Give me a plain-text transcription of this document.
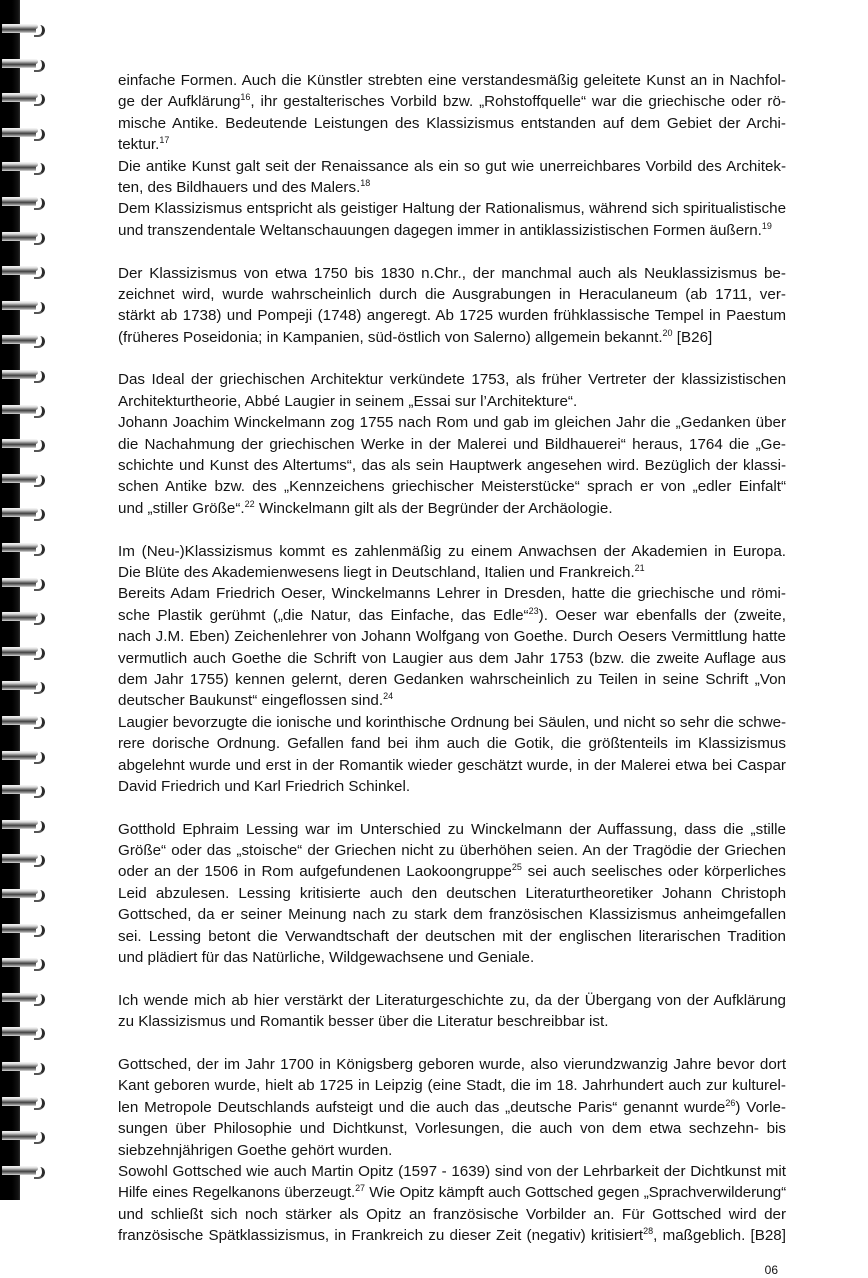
einfache Formen. Auch die Künstler strebten eine verstandesmäßig geleitete Kunst an in Nachfol-
ge der Aufklärung$^{16}$, ihr gestalterisches Vorbild bzw. „Rohstoffquelle“ war die griechische oder rö-
mische Antike. Bedeutende Leistungen des Klassizismus entstanden auf dem Gebiet der Archi-
tektur.$^{17}$
Die antike Kunst galt seit der Renaissance als ein so gut wie unerreichbares Vorbild des Architek-
ten, des Bildhauers und des Malers.$^{18}$
Dem Klassizismus entspricht als geistiger Haltung der Rationalismus, während sich spiritualistische
und transzendentale Weltanschauungen dagegen immer in antiklassizistischen Formen äußern.$^{19}$
Der Klassizismus von etwa 1750 bis 1830 n.Chr., der manchmal auch als Neuklassizismus be-
zeichnet wird, wurde wahrscheinlich durch die Ausgrabungen in Heraculaneum (ab 1711, ver-
stärkt ab 1738) und Pompeji (1748) angeregt. Ab 1725 wurden frühklassische Tempel in Paestum
(früheres Poseidonia; in Kampanien, süd-östlich von Salerno) allgemein bekannt.$^{20}$ [B26]
Das Ideal der griechischen Architektur verkündete 1753, als früher Vertreter der klassizistischen
Architekturtheorie, Abbé Laugier in seinem „Essai sur l’Architekture“.
Johann Joachim Winckelmann zog 1755 nach Rom und gab im gleichen Jahr die „Gedanken über
die Nachahmung der griechischen Werke in der Malerei und Bildhauerei“ heraus, 1764 die „Ge-
schichte und Kunst des Altertums“, das als sein Hauptwerk angesehen wird. Bezüglich der klassi-
schen Antike bzw. des „Kennzeichens griechischer Meisterstücke“ sprach er von „edler Einfalt“
und „stiller Größe“.$^{22}$ Winckelmann gilt als der Begründer der Archäologie.
Im (Neu-)Klassizismus kommt es zahlenmäßig zu einem Anwachsen der Akademien in Europa.
Die Blüte des Akademienwesens liegt in Deutschland, Italien und Frankreich.$^{21}$
Bereits Adam Friedrich Oeser, Winckelmanns Lehrer in Dresden, hatte die griechische und römi-
sche Plastik gerühmt („die Natur, das Einfache, das Edle“$^{23}$). Oeser war ebenfalls der (zweite,
nach J.M. Eben) Zeichenlehrer von Johann Wolfgang von Goethe. Durch Oesers Vermittlung hatte
vermutlich auch Goethe die Schrift von Laugier aus dem Jahr 1753 (bzw. die zweite Auflage aus
dem Jahr 1755) kennen gelernt, deren Gedanken wahrscheinlich zu Teilen in seine Schrift „Von
deutscher Baukunst“ eingeflossen sind.$^{24}$
Laugier bevorzugte die ionische und korinthische Ordnung bei Säulen, und nicht so sehr die schwe-
rere dorische Ordnung. Gefallen fand bei ihm auch die Gotik, die größtenteils im Klassizismus
abgelehnt wurde und erst in der Romantik wieder geschätzt wurde, in der Malerei etwa bei Caspar
David Friedrich und Karl Friedrich Schinkel.
Gotthold Ephraim Lessing war im Unterschied zu Winckelmann der Auffassung, dass die „stille
Größe“ oder das „stoische“ der Griechen nicht zu überhöhen seien. An der Tragödie der Griechen
oder an der 1506 in Rom aufgefundenen Laokoongruppe$^{25}$ sei auch seelisches oder körperliches
Leid abzulesen. Lessing kritisierte auch den deutschen Literaturtheoretiker Johann Christoph
Gottsched, da er seiner Meinung nach zu stark dem französischen Klassizismus anheimgefallen
sei. Lessing betont die Verwandtschaft der deutschen mit der englischen literarischen Tradition
und plädiert für das Natürliche, Wildgewachsene und Geniale.
Ich wende mich ab hier verstärkt der Literaturgeschichte zu, da der Übergang von der Aufklärung
zu Klassizismus und Romantik besser über die Literatur beschreibbar ist.
Gottsched, der im Jahr 1700 in Königsberg geboren wurde, also vierundzwanzig Jahre bevor dort
Kant geboren wurde, hielt ab 1725 in Leipzig (eine Stadt, die im 18. Jahrhundert auch zur kulturel-
len Metropole Deutschlands aufsteigt und die auch das „deutsche Paris“ genannt wurde$^{26}$) Vorle-
sungen über Philosophie und Dichtkunst, Vorlesungen, die auch von dem etwa sechzehn- bis
siebzehnjährigen Goethe gehört wurden.
Sowohl Gottsched wie auch Martin Opitz (1597 - 1639) sind von der Lehrbarkeit der Dichtkunst mit
Hilfe eines Regelkanons überzeugt.$^{27}$ Wie Opitz kämpft auch Gottsched gegen „Sprachverwilderung“
und schließt sich noch stärker als Opitz an französische Vorbilder an. Für Gottsched wird der
französische Spätklassizismus, in Frankreich zu dieser Zeit (negativ) kritisiert$^{28}$, maßgeblich. [B28]
06
